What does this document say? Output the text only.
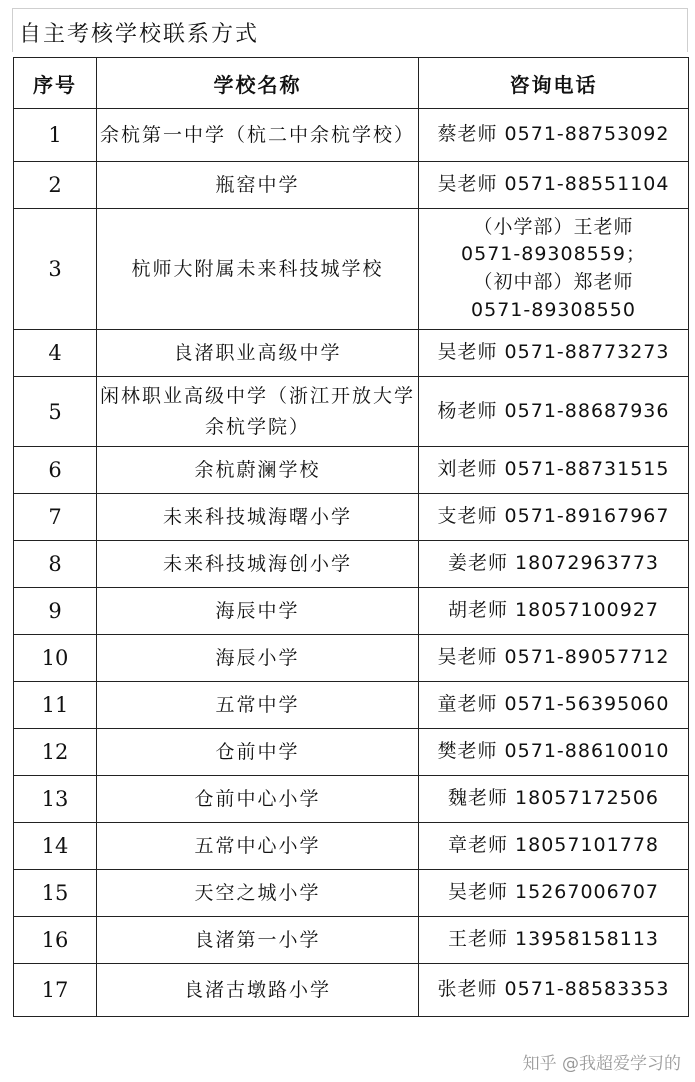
自主考核学校联系方式
序号	学校名称	咨询电话
1	余杭第一中学（杭二中余杭学校）	蔡老师 0571-88753092
2	瓶窑中学	吴老师 0571-88551104
3	杭师大附属未来科技城学校	（小学部）王老师
0571-89308559；
（初中部）郑老师
0571-89308550
4	良渚职业高级中学	吴老师 0571-88773273
5	闲林职业高级中学（浙江开放大学余杭学院）	杨老师 0571-88687936
6	余杭蔚澜学校	刘老师 0571-88731515
7	未来科技城海曙小学	支老师 0571-89167967
8	未来科技城海创小学	姜老师 18072963773
9	海辰中学	胡老师 18057100927
10	海辰小学	吴老师 0571-89057712
11	五常中学	童老师 0571-56395060
12	仓前中学	樊老师 0571-88610010
13	仓前中心小学	魏老师 18057172506
14	五常中心小学	章老师 18057101778
15	天空之城小学	吴老师 15267006707
16	良渚第一小学	王老师 13958158113
17	良渚古墩路小学	张老师 0571-88583353
知乎 @我超爱学习的
